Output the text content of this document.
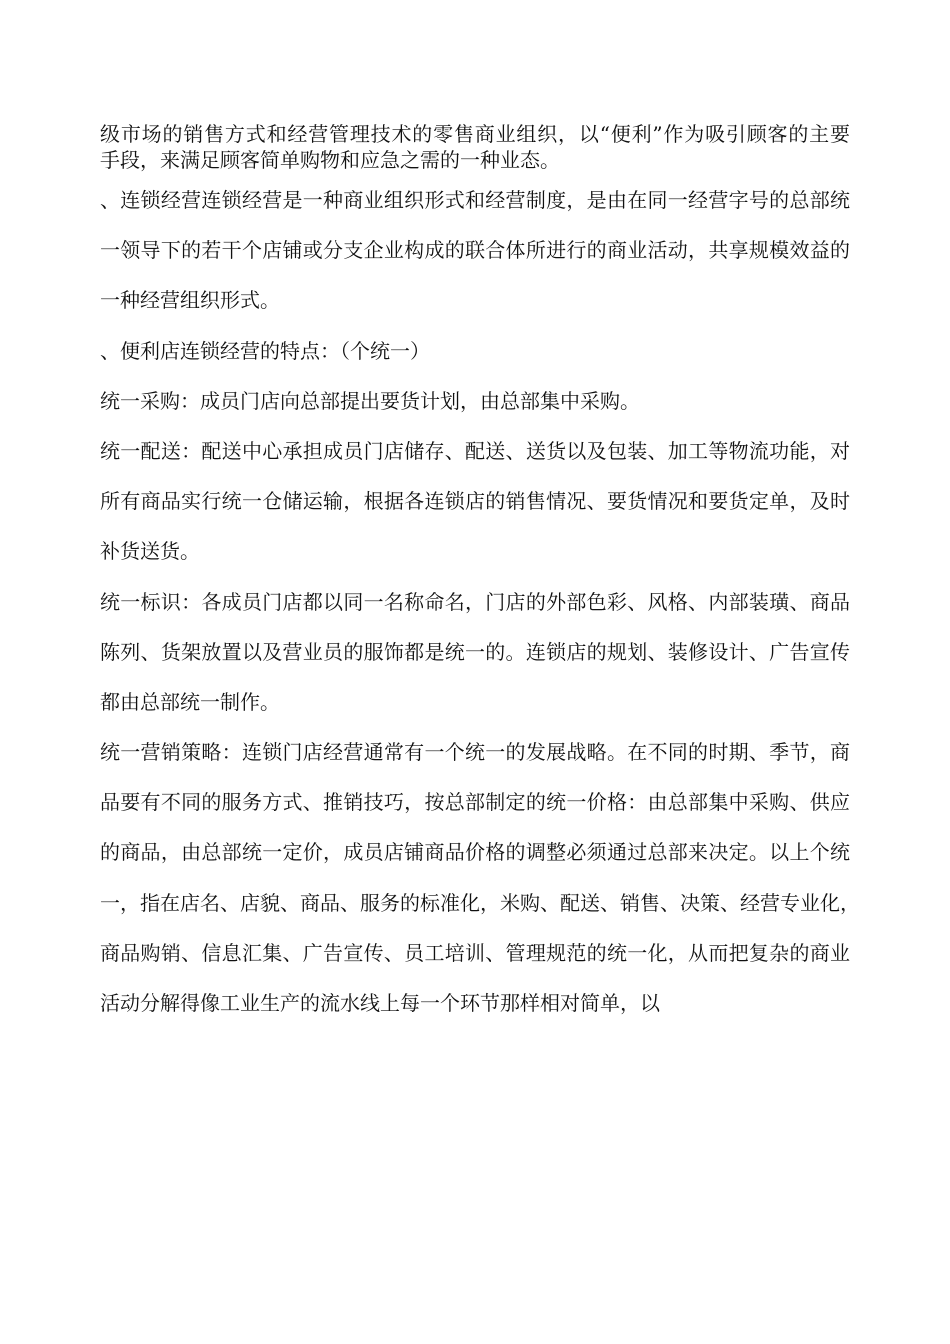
级市场的销售方式和经营管理技术的零售商业组织，以“便利”作为吸引顾客的主要
手段，来满足顾客简单购物和应急之需的一种业态。
、连锁经营连锁经营是一种商业组织形式和经营制度，是由在同一经营字号的总部统
一领导下的若干个店铺或分支企业构成的联合体所进行的商业活动，共享规模效益的
一种经营组织形式。
、便利店连锁经营的特点：（个统一）
统一采购：成员门店向总部提出要货计划，由总部集中采购。
统一配送：配送中心承担成员门店储存、配送、送货以及包装、加工等物流功能，对
所有商品实行统一仓储运输，根据各连锁店的销售情况、要货情况和要货定单，及时
补货送货。
统一标识：各成员门店都以同一名称命名，门店的外部色彩、风格、内部装璜、商品
陈列、货架放置以及营业员的服饰都是统一的。连锁店的规划、装修设计、广告宣传
都由总部统一制作。
统一营销策略：连锁门店经营通常有一个统一的发展战略。在不同的时期、季节，商
品要有不同的服务方式、推销技巧，按总部制定的统一价格：由总部集中采购、供应
的商品，由总部统一定价，成员店铺商品价格的调整必须通过总部来决定。以上个统
一，指在店名、店貌、商品、服务的标准化，米购、配送、销售、决策、经营专业化，
商品购销、信息汇集、广告宣传、员工培训、管理规范的统一化，从而把复杂的商业
活动分解得像工业生产的流水线上每一个环节那样相对简单，以
